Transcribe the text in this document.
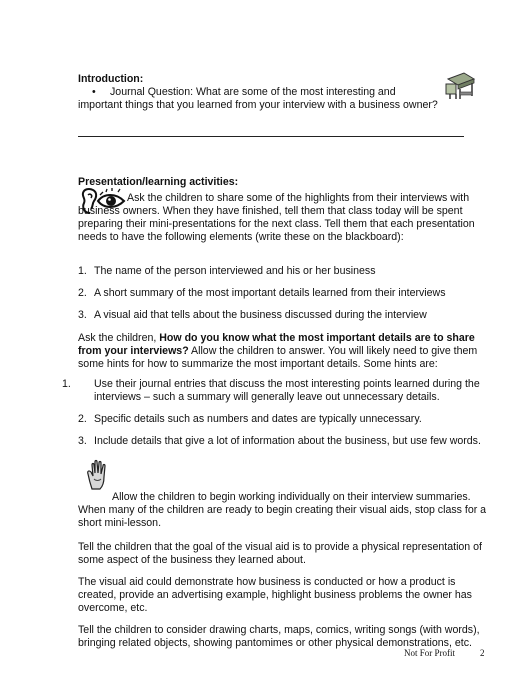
Introduction:
• Journal Question: What are some of the most interesting and
important things that you learned from your interview with a business owner?
Presentation/learning activities:
Ask the children to share some of the highlights from their interviews with business owners. When they have finished, tell them that class today will be spent preparing their mini-presentations for the next class. Tell them that each presentation needs to have the following elements (write these on the blackboard):
1. The name of the person interviewed and his or her business
2. A short summary of the most important details learned from their interviews
3. A visual aid that tells about the business discussed during the interview
Ask the children, How do you know what the most important details are to share from your interviews? Allow the children to answer. You will likely need to give them some hints for how to summarize the most important details. Some hints are:
1. Use their journal entries that discuss the most interesting points learned during the interviews – such a summary will generally leave out unnecessary details.
2. Specific details such as numbers and dates are typically unnecessary.
3. Include details that give a lot of information about the business, but use few words.
Allow the children to begin working individually on their interview summaries. When many of the children are ready to begin creating their visual aids, stop class for a short mini-lesson.
Tell the children that the goal of the visual aid is to provide a physical representation of some aspect of the business they learned about.
The visual aid could demonstrate how business is conducted or how a product is created, provide an advertising example, highlight business problems the owner has overcome, etc.
Tell the children to consider drawing charts, maps, comics, writing songs (with words), bringing related objects, showing pantomimes or other physical demonstrations, etc.
Not For Profit	2
